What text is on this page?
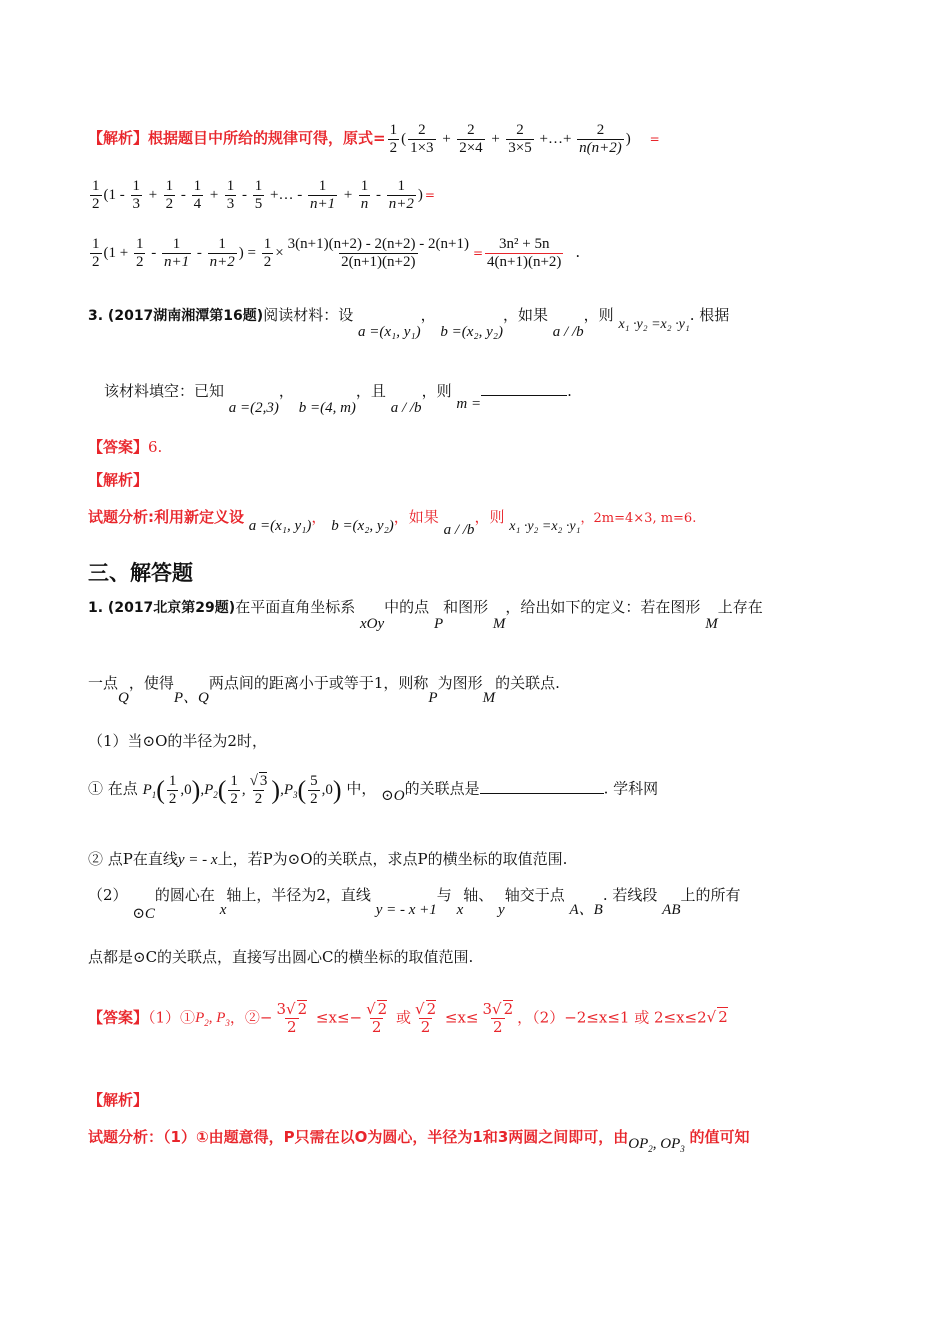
【解析】根据题目中所给的规律可得，原式= $\frac{1}{2}$ ( $\frac{2}{1\times 3} + \frac{2}{2\times 4} + \frac{2}{3\times 5}$ +…+ $\frac{2}{n(n+2)}$ ) =
$\frac{1}{2} (1 - \frac{1}{3} + \frac{1}{2} - \frac{1}{4} + \frac{1}{3} - \frac{1}{5}$ +… - $\frac{1}{n+1} + \frac{1}{n} - \frac{1}{n+2}$ ) =
$\frac{1}{2} (1 + \frac{1}{2} - \frac{1}{n+1} - \frac{1}{n+2}$ ) = $\frac{1}{2} \times \frac{3(n+1)(n+2) - 2(n+2) - 2(n+1)}{2(n+1)(n+2)} = \frac{\text{3n² + 5n}}{4(n+1)(n+2)}$ .
3. (2017湖南湘潭第16题)阅读材料：设 a =(x₁, y₁)， b =(x₂, y₂)，如果 a / /b，则 x₁ ·y₂ =x₂ ·y₁. 根据
该材料填空：已知 a =(2,3)， b =(4, m)，且 a / /b，则 m =.
【答案】6.
【解析】
试题分析:利用新定义设 a =(x₁, y₁)， b =(x₂, y₂)，如果 a / /b，则 x₁ ·y₂ =x₂ ·y₁，2m=4×3, m=6.
三、解答题
1. (2017北京第29题)在平面直角坐标系 xOy中的点 P和图形 M，给出如下的定义：若在图形 M上存在
一点Q，使得P、Q两点间的距离小于或等于1，则称P为图形M的关联点.
（1）当⊙O的半径为2时，
① 在点 $P_1( \frac{1}{2} ,0),P_2( \frac{1}{2}$ , $\frac{√ 3}{2} ),P_3( \frac{5}{2} ,0)$ 中， ⊙O的关联点是	. 学科网
② 点P在直线y = - x上，若P为⊙O的关联点，求点P的横坐标的取值范围.
（2） ⊙C的圆心在 x轴上，半径为2，直线 y = - x +1与 x轴、 y轴交于点 A、B. 若线段 AB上的所有
点都是⊙C的关联点，直接写出圆心C的横坐标的取值范围.
【答案】$(1)①P_2$, $P_3$，②− $\frac{3√ 2}{2} \le x\le- \frac{√ 2}{2}$ 或 $\frac{√ 2}{2} \le x\le \frac{3√ 2}{2}$ ，（2）−2≤x≤1 或 2≤x≤2√ 2
【解析】
试题分析：（1）①由题意得，P只需在以O为圆心，半径为1和3两圆之间即可，由$OP_2$, $OP_3$ 的值可知
